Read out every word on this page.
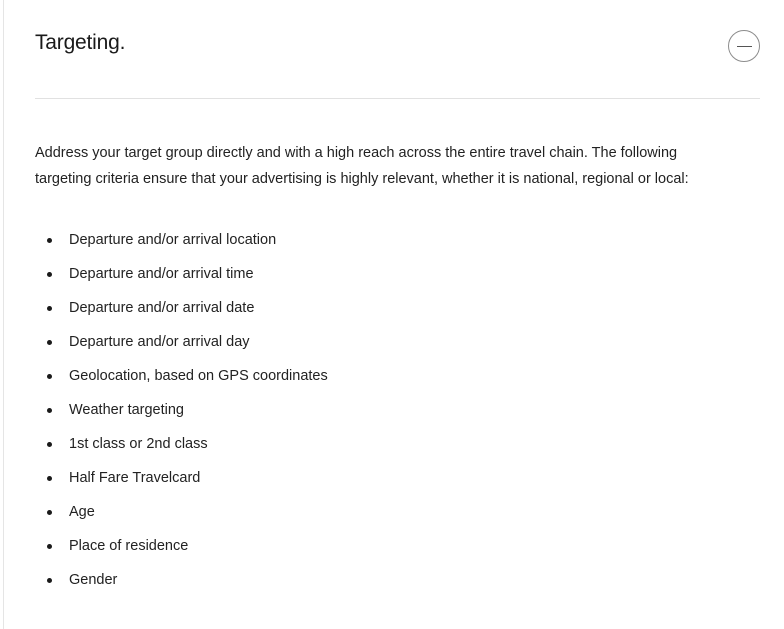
Targeting.

Address your target group directly and with a high reach across the entire travel chain. The following targeting criteria ensure that your advertising is highly relevant, whether it is national, regional or local:

Departure and/or arrival location
Departure and/or arrival time
Departure and/or arrival date
Departure and/or arrival day
Geolocation, based on GPS coordinates
Weather targeting
1st class or 2nd class
Half Fare Travelcard
Age
Place of residence
Gender
